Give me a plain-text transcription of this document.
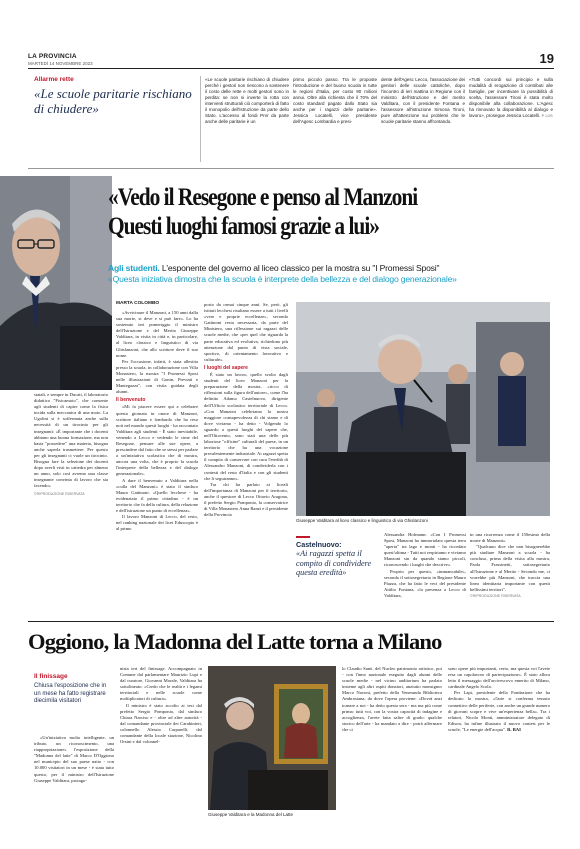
LA PROVINCIA
MARTEDÌ 14 NOVEMBRE 2023	19
Allarme rette
«Le scuole paritarie rischiano di chiudere»
«Le scuole paritarie rischiano di chiudere perché i gestori non riescono a sostenere il costo delle rette e molti gestori sono in perdita: se non si inverte la rotta con interventi strutturali ciò comporterà di fatto il monopolio dell'istruzione da parte dello Stato. L'accesso al fondi Pnrr da parte anche delle paritarie è un
primo piccolo passo. Tra le proposte l'introduzione e del buono scuola in tutte le regioni d'Italia, per costo 90 milioni annui. Oltre alla richiesta che il 70% del costo standard pagato dallo Stato sia anche per i ragazzi delle paritarie». Jessica Locatelli, vice presidente dell'Agesc Lombardia e presi-
dente dell'Agesc Lecco, l'associazione dei genitori delle scuole cattoliche, dopo l'incontro di ieri mattina in Regione con il ministro dell'istruzione e del merito Valditara, con il presidente Fontana e l'assessore all'istruzione Simona Tironi, pure all'attenzione sui problemi che le scuole paritarie stanno affrontando.
«Tutti concordi sui principio e sulla modalità di erogazione di contributi alle famiglie, per incentivare la possibilità di scelta, l'assessore Tironi è stata molto disponibile alla collaborazione. L'Agesc ha rinnovato la disponibilità al dialogo e lavoro», prosegue Jessica Locatelli. P. LOS
«Vedo il Resegone e penso al Manzoni
Questi luoghi famosi grazie a lui»
Agli studenti. L'esponente del governo al liceo classico per la mostra su "I Promessi Sposi"
«Questa iniziativa dimostra che la scuola è interprete della bellezza e del dialogo generazionale»
MARTA COLOMBO

statali, e sempre in Ducati, il laboratorio didattico "Fisicamoto", che consente agli studenti di capire come la fisica incida sulla meccanica di una moto. La Ugolini si è soffermata anche sulla necessità di un tirocinio per gli insegnanti: «È importante che i docenti abbiano una buona formazione, ma non basta "possedere" una materia, bisogna anche saperla trasmettere. Per questo per gli insegnanti ci vuole un tirocinio. Bisogna fare la selezione dei docenti dopo averli visti in cattedra per almeno un anno, solo così avremo una classe insegnante convinta di lavoro che sta facendo»

©RIPRODUZIONE RISERVATA

«Avvicinare il Manzoni, a 150 anni dalla sua morte, si deve e si può fare». Lo ha sostenuto ieri pomeriggio il ministro dell'Istruzione e del Merito Giuseppe Valditara, in visita in città e, in particolare, al liceo classico e linguistico di via Ghislanzoni, che allo scrittore deve il suo nome.

Per l'occasione, infatti, è stata allestita presso la scuola, in collaborazione con Villa Monastero, la mostra "I Promessi Sposi nelle illustrazioni di Gonin, Previati e Mantegazza", con visita guidata degli alunni.

Il benvenuto

«Mi fa piacere essere qui a celebrare questa giornata in onore di Manzoni, scrittore italiano e lombardo che ha reso noti nel mondo questi luoghi - ha raccontato Valditara agli studenti - È stato inevitabile, venendo a Lecco e vedendo le cime del Resegone, pensare alle sue opere, a prescindere dal fatto che se stessi per parlare a un'iniziativa scolastica che di mostra, ancora una volta, che è proprio la scuola l'interprete della bellezza e del dialogo generazionale».

A dare il benvenuto a Valditara nella «culla del Manzoni» è stato il sindaco Mauro Gattinoni. «Quello lecchese - ha evidenziato il primo cittadino - è un territorio che fa della cultura, della relazione e dell'istruzione un punto di eccellenza».

Il lavoro Manzoni di Lecco, del resto, nel ranking nazionale dei licei Eduscopio è al primo

posto da ormai cinque anni. Se, però, gli istituti lecchesi risultano essere a tutti i livelli «vere e proprie eccellenze», secondo Gattinoni resta necessaria, da parte del Ministero, una riflessione sui ragazzi delle scuole medie, che «per quel che riguarda la parte educativa ed evolutiva, richiedono più attenzione dal punto di vista sociale, sportivo, di orientamento lavorativo e culturale».

I luoghi del sapere

È stato un lavoro, quello svolto dagli studenti del liceo Manzoni per la preparazione della mostra, «ricco di riflessioni sulla figura dell'autore», come l'ha definito Adamo Castelnuovo, dirigente dell'Ufficio scolastico territoriale di Lecco. «Con Manzoni celebriamo la nostra maggiore consapevolezza di chi siamo e di dove viviamo - ha detto - Volgendo lo sguardo a questi luoghi del sapere che, nell'Ottocento, sono stati una delle più laboriose "officine" culturali del paese, in un territorio che ha una vocazione prevalentemente industriale. Ai ragazzi spetta il compito di conservare con cura l'eredità di Alessandro Manzoni, di condividerla con i contesti del resto d'Italia e con gli studenti che li seguiranno».

Tra chi ha parlato ai liceali dell'importanza di Manzoni per il territorio, anche il questore di Lecco Ottavio Aragona, il prefetto Sergio Pomponio, la conservatrice di Villa Monastero Anna Ranzi e il presidente della Provincia

Giuseppe Valditara al liceo classico e linguistico di via Ghislanzoni
Castelnuovo:
«Ai ragazzi spetta il compito di condividere questa eredità»

Alessandra Hofmann: «Con I Promessi Sposi, Manzoni ha immortalato questa terra "aperta" tra lago e monti - ha ricordato quest'ultima - Tutti noi respiriamo e viviamo Manzoni sin da quando siamo piccoli, riconoscendo i luoghi che descrive».

Proprio per questo, «immancabile», secondo il sottosegretario in Regione Mauro Piazza, che ha fatto le veci del presidente Attilio Fontana, «la presenza a Lecco di Valditara,

in una ricorrenza come il 150esimo della morte di Manzoni».

"Qualcuno dice che non bisognerebbe più studiare Manzoni a scuola - ha concluso, prima della visita alla mostra, Paola Frassinetti, sottosegretario all'Istruzione e al Merito - Secondo me, ci vorrebbe più Manzoni, che traccia una linea identitaria importante con questi bellissimi territori".

©RIPRODUZIONE RISERVATA
Oggiono, la Madonna del Latte torna a Milano
Il finissage
Chiusa l'esposizione che in un mese ha fatto registrare diecimila visitatori

«Un'iniziativa molto intelligente, un tributo, un riconoscimento, una riappropriazione» l'esposizione della "Madonna del latte" di Marco D'Oggiono nel municipio del suo paese natio - con 10.000 visitatori in un mese - è stata tutto questo, per il ministro dell'Istruzione Giuseppe Valditara, protago-

nista ieri del finissage. Accompagnato in Comune dal parlamentare Maurizio Lupi e dal curatore, Giovanni Morale, Valditara ha sottolineato: «Credo che le realtà e i legami territoriali e nelle scuole come moltiplicatori di cultura».

Il ministro è stato accolto ai tesi dal prefetto Sergio Pomponio, dal sindaco Chiara Narciso e - oltre ad altre autorità - dal comandante provinciale dei Carabinieri, colonnello Alessio Carparelli, dal comandante della locale stazione, Nicolino Orsini e dal colonnel-

Giuseppe Valditara e la Madonna del Latte

lo Claudio Sanò, del Nucleo patrimonio artistico, poi - con l'inno nazionale eseguito dagli alunni delle scuole medie - nel vicino auditorium ha parlato insieme agli altri ospiti donatori, anziutto monsignor Marco Navoni, prefetto della Veneranda Biblioteca Ambrosiana, da dove l'opera proviene: «Dovrà anzi tornare a noi - ha detto questa sera - ma ma più come prima: tutti voi, con la vostra capacità di indagine e accoglienza, l'avete fatta salire di grado: qualche storico dell'arte - ha mandato a dire - potrà affermare che ci

sono opere più importanti, certo, ma questa voi l'avete resa un capolavoro di partecipazione». È stato allora letto il messaggio dell'arcivescovo emerito di Milano, cardinale Angelo Scola.

Per Lapi, presidente della Fondazione che ha dedicato la mostra, «l'arte si conferma tessuto connettivo delle periferie, con anche un grande numero di giovani scopre e vive un'esperienza bella». Tra i relatori, Nicola Monti, amministratore delegato di Edison, ha infine illustrato il nuovo contest per le scuole, "Le energie dell'acqua". R. BAI
